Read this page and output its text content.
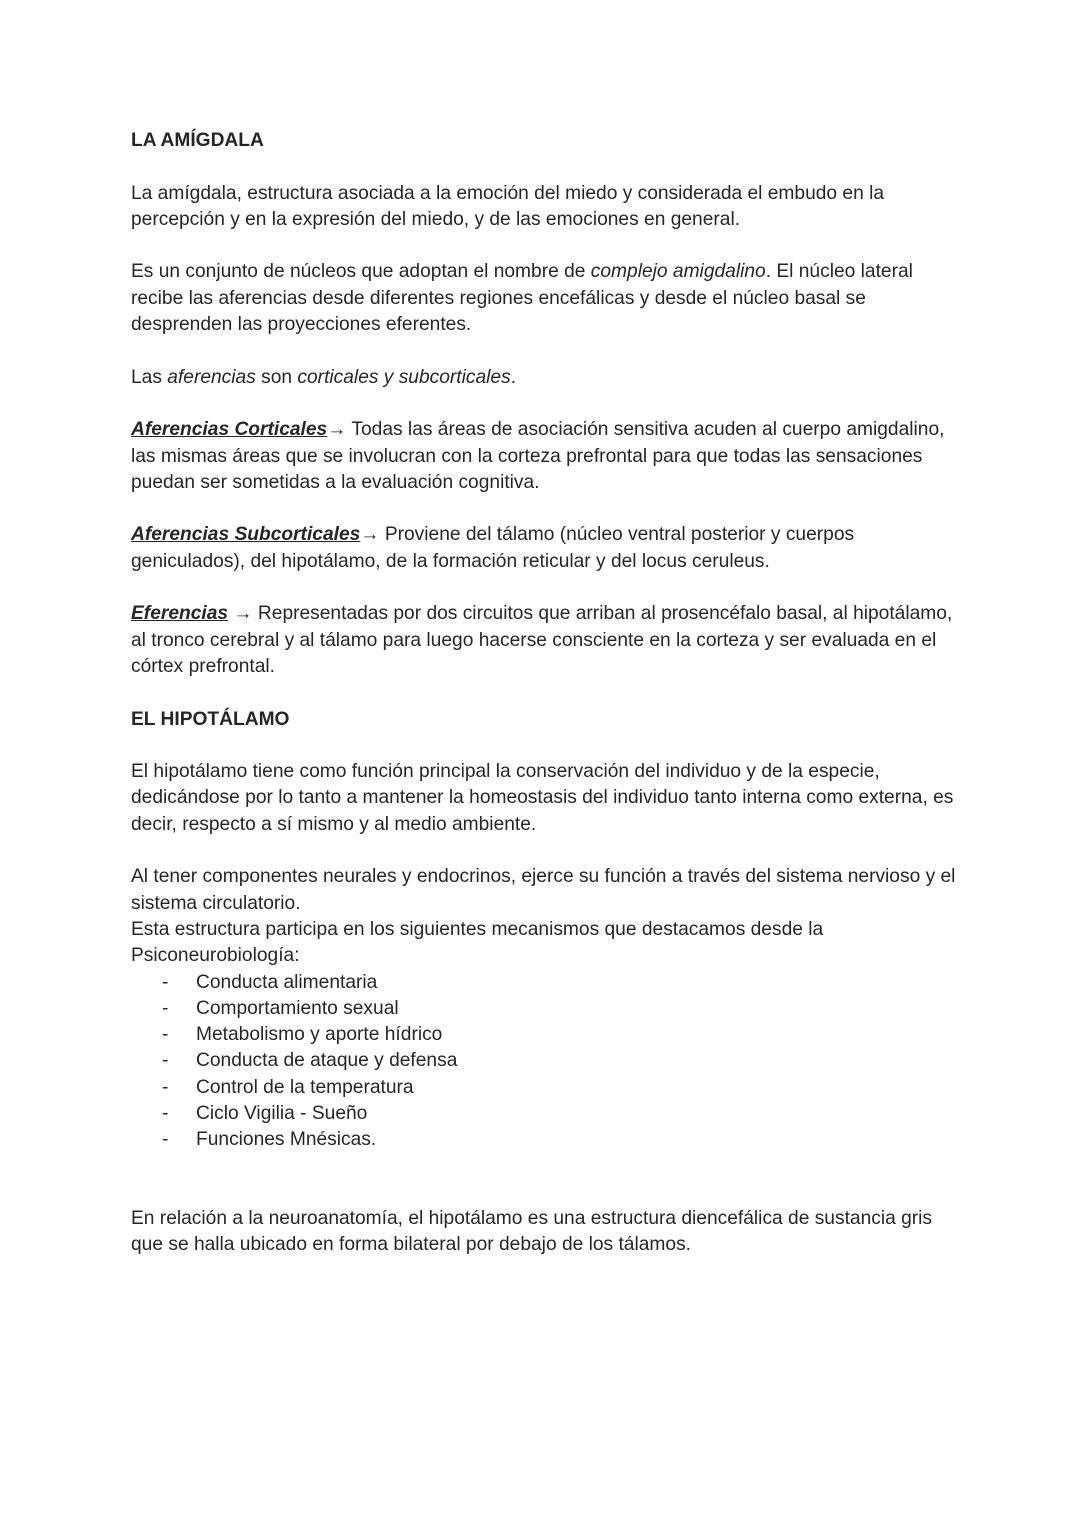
LA AMÍGDALA
La amígdala, estructura asociada a la emoción del miedo y considerada el embudo en la percepción y en la expresión del miedo, y de las emociones en general.
Es un conjunto de núcleos que adoptan el nombre de complejo amigdalino. El núcleo lateral recibe las aferencias desde diferentes regiones encefálicas y desde el núcleo basal se desprenden las proyecciones eferentes.
Las aferencias son corticales y subcorticales.
Aferencias Corticales→ Todas las áreas de asociación sensitiva acuden al cuerpo amigdalino, las mismas áreas que se involucran con la corteza prefrontal para que todas las sensaciones puedan ser sometidas a la evaluación cognitiva.
Aferencias Subcorticales→ Proviene del tálamo (núcleo ventral posterior y cuerpos geniculados), del hipotálamo, de la formación reticular y del locus ceruleus.
Eferencias → Representadas por dos circuitos que arriban al prosencéfalo basal, al hipotálamo, al tronco cerebral y al tálamo para luego hacerse consciente en la corteza y ser evaluada en el córtex prefrontal.
EL HIPOTÁLAMO
El hipotálamo tiene como función principal la conservación del individuo y de la especie, dedicándose por lo tanto a mantener la homeostasis del individuo tanto interna como externa, es decir, respecto a sí mismo y al medio ambiente.
Al tener componentes neurales y endocrinos, ejerce su función a través del sistema nervioso y el sistema circulatorio.
Esta estructura participa en los siguientes mecanismos que destacamos desde la Psiconeurobiología:
- Conducta alimentaria
- Comportamiento sexual
- Metabolismo y aporte hídrico
- Conducta de ataque y defensa
- Control de la temperatura
- Ciclo Vigilia - Sueño
- Funciones Mnésicas.
En relación a la neuroanatomía, el hipotálamo es una estructura diencefálica de sustancia gris que se halla ubicado en forma bilateral por debajo de los tálamos.
